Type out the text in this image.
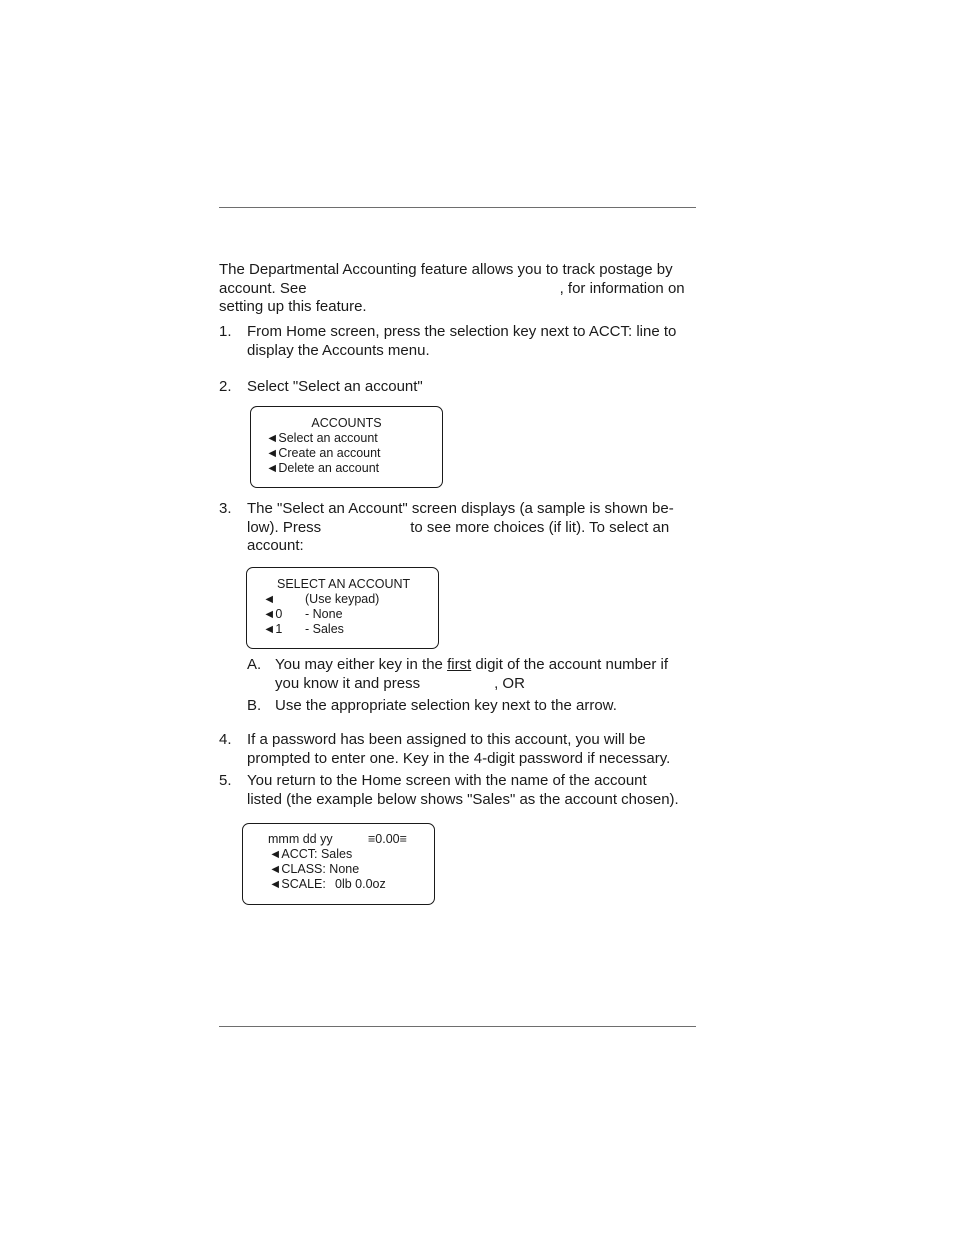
The Departmental Accounting feature allows you to track postage by
account. See	, for information on
setting up this feature.
1. From Home screen, press the selection key next to ACCT: line to
display the Accounts menu.
2. Select "Select an account"
ACCOUNTS
◄Select an account
◄Create an account
◄Delete an account
3. The "Select an Account" screen displays (a sample is shown be-
low). Press	to see more choices (if lit). To select an
account:
SELECT AN ACCOUNT
◄ (Use keypad)
◄0 - None
◄1 - Sales
A. You may either key in the first digit of the account number if
you know it and press	, OR
B. Use the appropriate selection key next to the arrow.
4. If a password has been assigned to this account, you will be
prompted to enter one. Key in the 4-digit password if necessary.
5. You return to the Home screen with the name of the account
listed (the example below shows "Sales" as the account chosen).
mmm dd yy	≡0.00≡
◄ACCT: Sales
◄CLASS: None
◄SCALE: 0lb 0.0oz
